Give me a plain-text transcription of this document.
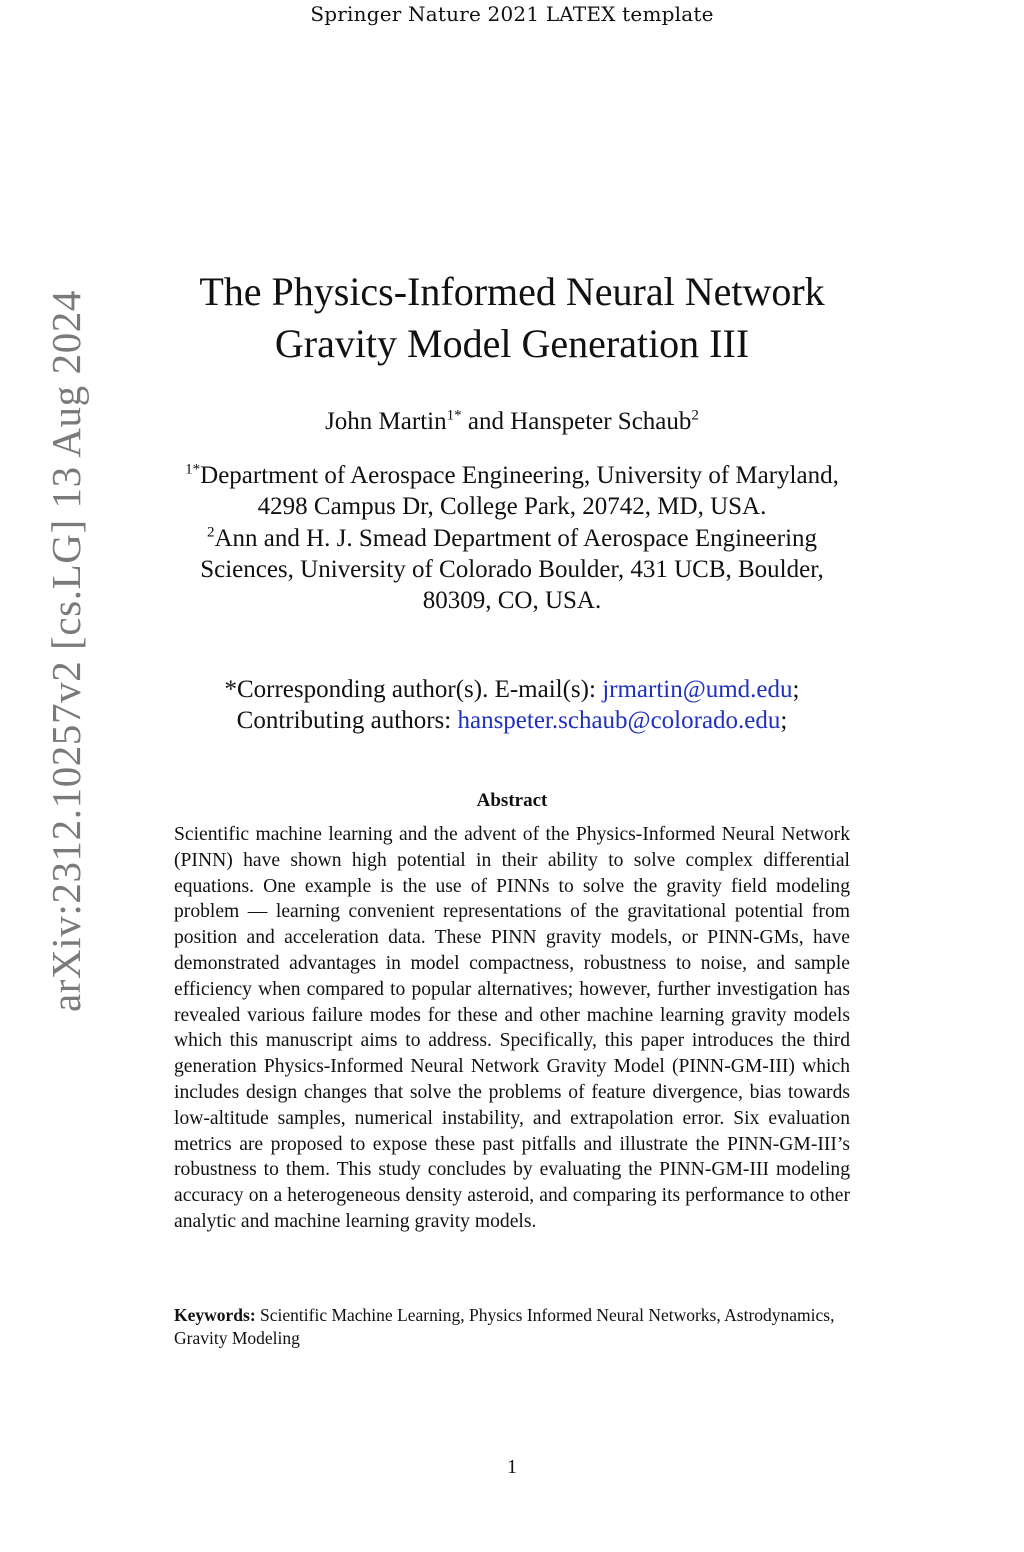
Springer Nature 2021 LATEX template
arXiv:2312.10257v2 [cs.LG] 13 Aug 2024	The Physics-Informed Neural Network
Gravity Model Generation III
John Martin$^{1*}$ and Hanspeter Schaub$^2$
$^{1*}$Department of Aerospace Engineering, University of Maryland,
4298 Campus Dr, College Park, 20742, MD, USA.
$^2$Ann and H. J. Smead Department of Aerospace Engineering
Sciences, University of Colorado Boulder, 431 UCB, Boulder,
80309, CO, USA.
*Corresponding author(s). E-mail(s): jrmartin@umd.edu;
Contributing authors: hanspeter.schaub@colorado.edu;
Abstract

Scientific machine learning and the advent of the Physics-Informed Neural Network (PINN) have shown high potential in their ability to solve complex differential equations. One example is the use of PINNs to solve the gravity field modeling problem — learning convenient representations of the gravitational potential from position and acceleration data. These PINN gravity models, or PINN-GMs, have demonstrated advantages in model compactness, robustness to noise, and sample efficiency when compared to popular alternatives; however, further investigation has revealed various failure modes for these and other machine learning gravity models which this manuscript aims to address. Specifically, this paper introduces the third generation Physics-Informed Neural Network Gravity Model (PINN-GM-III) which includes design changes that solve the problems of feature divergence, bias towards low-altitude samples, numerical instability, and extrapolation error. Six evaluation metrics are proposed to expose these past pitfalls and illustrate the PINN-GM-III’s robustness to them. This study concludes by evaluating the PINN-GM-III modeling accuracy on a heterogeneous density asteroid, and comparing its performance to other analytic and machine learning gravity models.

Keywords: Scientific Machine Learning, Physics Informed Neural Networks, Astrodynamics, Gravity Modeling

1
